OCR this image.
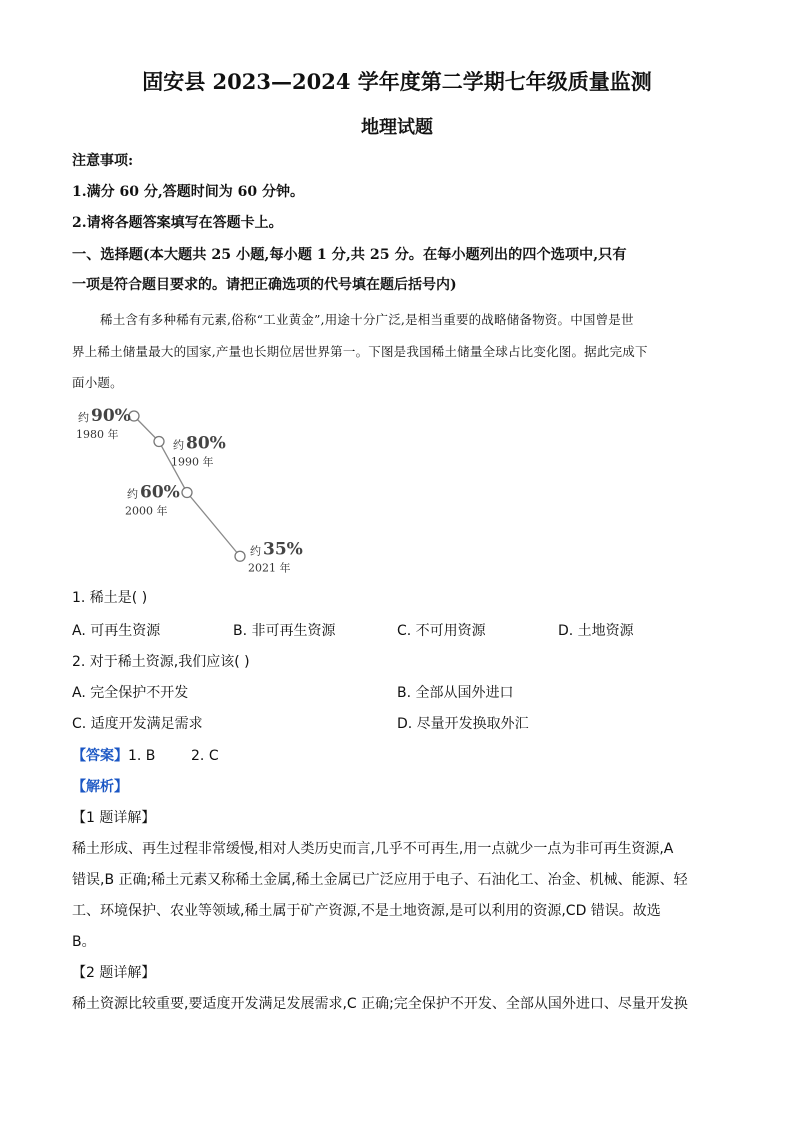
固安县 2023—2024 学年度第二学期七年级质量监测
地理试题
注意事项:
1.满分 60 分,答题时间为 60 分钟。
2.请将各题答案填写在答题卡上。
一、选择题(本大题共 25 小题,每小题 1 分,共 25 分。在每小题列出的四个选项中,只有
一项是符合题目要求的。请把正确选项的代号填在题后括号内)
稀土含有多种稀有元素,俗称“工业黄金”,用途十分广泛,是相当重要的战略储备物资。中国曾是世
界上稀土储量最大的国家,产量也长期位居世界第一。下图是我国稀土储量全球占比变化图。据此完成下
面小题。
约 90%
1980 年
约 80%
1990 年
约 60%
2000 年
约 35%
2021 年
1. 稀土是( )
A. 可再生资源	B. 非可再生资源	C. 不可用资源	D. 土地资源
2. 对于稀土资源,我们应该( )
A. 完全保护不开发	B. 全部从国外进口
C. 适度开发满足需求	D. 尽量开发换取外汇
【答案】1. B        2. C
【解析】
【1 题详解】
稀土形成、再生过程非常缓慢,相对人类历史而言,几乎不可再生,用一点就少一点为非可再生资源,A
错误,B 正确;稀土元素又称稀土金属,稀土金属已广泛应用于电子、石油化工、冶金、机械、能源、轻
工、环境保护、农业等领域,稀土属于矿产资源,不是土地资源,是可以利用的资源,CD 错误。故选
B。
【2 题详解】
稀土资源比较重要,要适度开发满足发展需求,C 正确;完全保护不开发、全部从国外进口、尽量开发换
